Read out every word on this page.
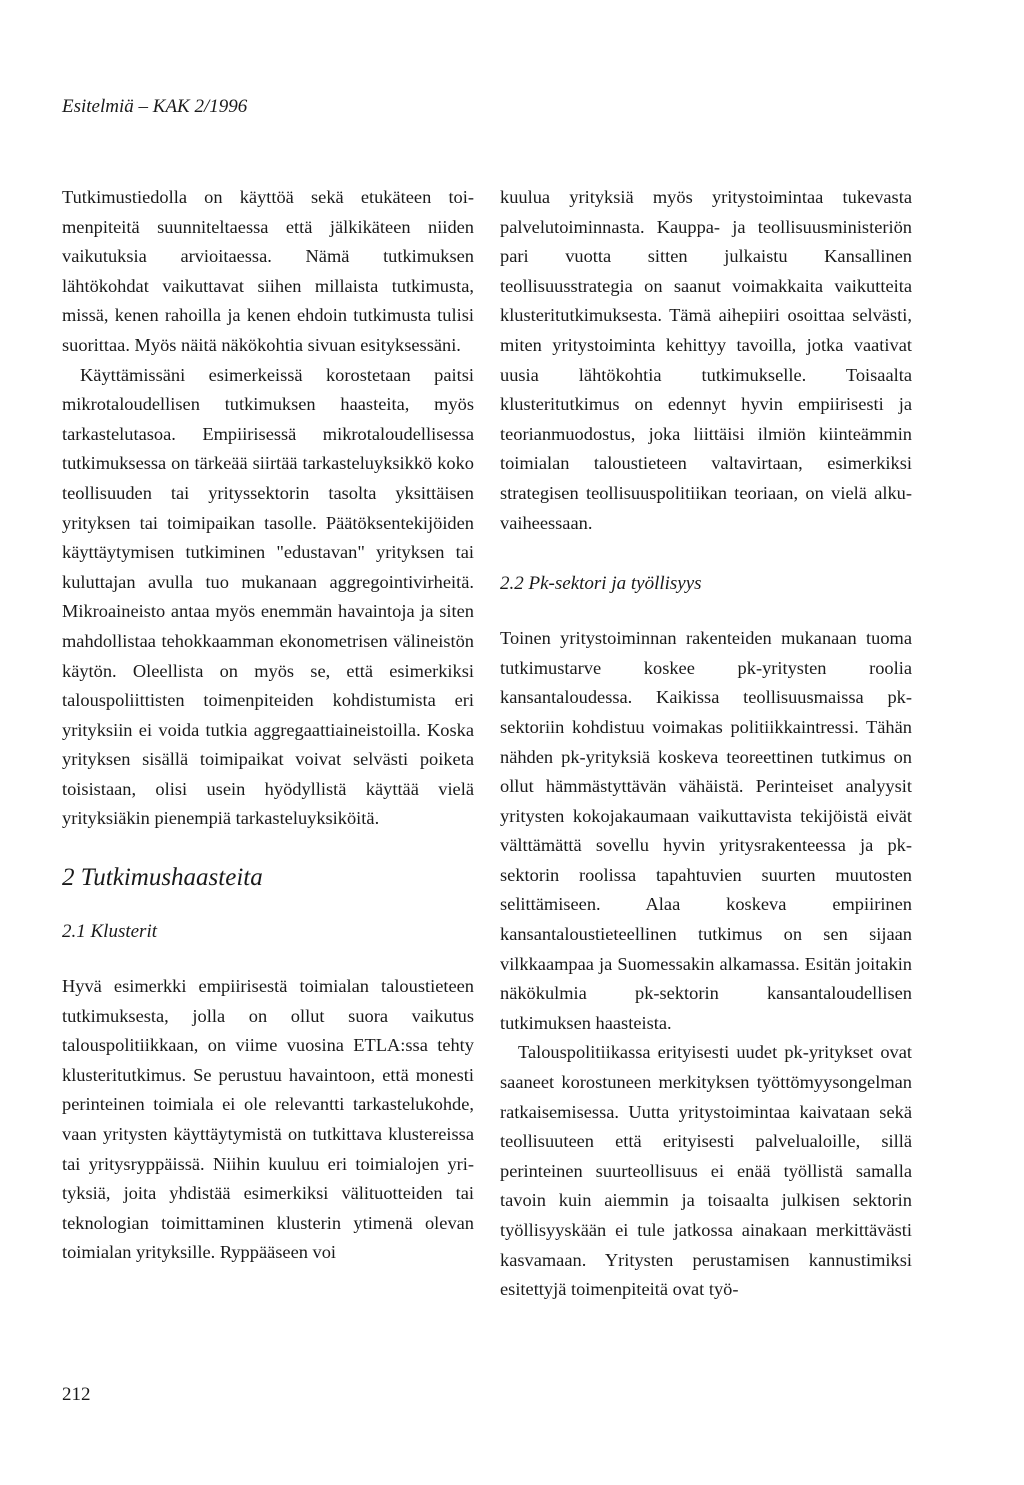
Esitelmiä – KAK 2/1996

Tutkimustiedolla on käyttöä sekä etukäteen toimenpiteitä suunniteltaessa että jälkikäteen niiden vaikutuksia arvioitaessa. Nämä tutkimuksen lähtökohdat vaikuttavat siihen millaista tutkimusta, missä, kenen rahoilla ja kenen ehdoin tutkimusta tulisi suorittaa. Myös näitä näkökohtia sivuan esityksessäni.

Käyttämissäni esimerkeissä korostetaan paitsi mikrotaloudellisen tutkimuksen haasteita, myös tarkastelutasoa. Empiirisessä mikrotaloudellisessa tutkimuksessa on tärkeää siirtää tarkasteluyksikkö koko teollisuuden tai yrityssektorin tasolta yksittäisen yrityksen tai toimipaikan tasolle. Päätöksentekijöiden käyttäytymisen tutkiminen "edustavan" yrityksen tai kuluttajan avulla tuo mukanaan aggregointivirheitä. Mikroaineisto antaa myös enemmän havaintoja ja siten mahdollistaa tehokkaamman ekonometrisen välineistön käytön. Oleellista on myös se, että esimerkiksi talouspoliittisten toimenpiteiden kohdistumista eri yrityksiin ei voida tutkia aggregaattiaineistoilla. Koska yrityksen sisällä toimipaikat voivat selvästi poiketa toisistaan, olisi usein hyödyllistä käyttää vielä yrityksiäkin pienempiä tarkasteluyksiköitä.

2 Tutkimushaasteita
2.1 Klusterit

Hyvä esimerkki empiirisestä toimialan taloustieteen tutkimuksesta, jolla on ollut suora vaikutus talouspolitiikkaan, on viime vuosina ETLA:ssa tehty klusteritutkimus. Se perustuu havaintoon, että monesti perinteinen toimiala ei ole relevantti tarkastelukohde, vaan yritysten käyttäytymistä on tutkittava klustereissa tai yritysryppäissä. Niihin kuuluu eri toimialojen yrityksiä, joita yhdistää esimerkiksi välituotteiden tai teknologian toimittaminen klusterin ytimenä olevan toimialan yrityksille. Ryppääseen voi

kuulua yrityksiä myös yritystoimintaa tukevasta palvelutoiminnasta. Kauppa- ja teollisuusministeriön pari vuotta sitten julkaistu Kansallinen teollisuusstrategia on saanut voimakkaita vaikutteita klusteritutkimuksesta. Tämä aihepiiri osoittaa selvästi, miten yritystoiminta kehittyy tavoilla, jotka vaativat uusia lähtökohtia tutkimukselle. Toisaalta klusteritutkimus on edennyt hyvin empiirisesti ja teorianmuodostus, joka liittäisi ilmiön kiinteämmin toimialan taloustieteen valtavirtaan, esimerkiksi strategisen teollisuuspolitiikan teoriaan, on vielä alkuvaiheessaan.

2.2 Pk-sektori ja työllisyys

Toinen yritystoiminnan rakenteiden mukanaan tuoma tutkimustarve koskee pk-yritysten roolia kansantaloudessa. Kaikissa teollisuusmaissa pk-sektoriin kohdistuu voimakas politiikkaintressi. Tähän nähden pk-yrityksiä koskeva teoreettinen tutkimus on ollut hämmästyttävän vähäistä. Perinteiset analyysit yritysten kokojakaumaan vaikuttavista tekijöistä eivät välttämättä sovellu hyvin yritysrakenteessa ja pksektorin roolissa tapahtuvien suurten muutosten selittämiseen. Alaa koskeva empiirinen kansantaloustieteellinen tutkimus on sen sijaan vilkkaampaa ja Suomessakin alkamassa. Esitän joitakin näkökulmia pk-sektorin kansantaloudellisen tutkimuksen haasteista.

Talouspolitiikassa erityisesti uudet pk-yritykset ovat saaneet korostuneen merkityksen työttömyysongelman ratkaisemisessa. Uutta yritystoimintaa kaivataan sekä teollisuuteen että erityisesti palvelualoille, sillä perinteinen suurteollisuus ei enää työllistä samalla tavoin kuin aiemmin ja toisaalta julkisen sektorin työllisyyskään ei tule jatkossa ainakaan merkittävästi kasvamaan. Yritysten perustamisen kannustimiksi esitettyjä toimenpiteitä ovat työ-

212
